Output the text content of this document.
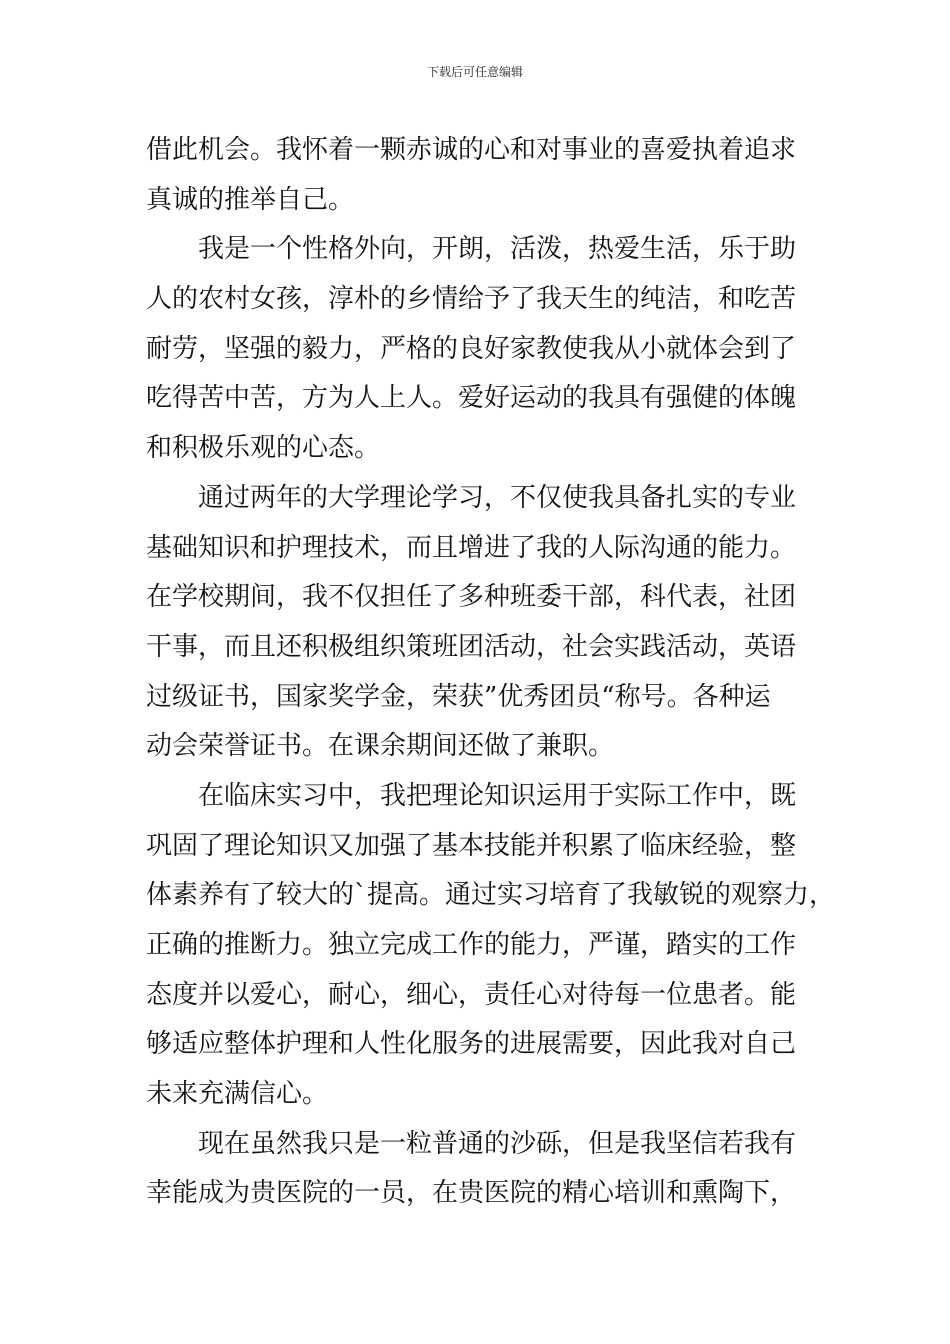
下载后可任意编辑
借此机会。我怀着一颗赤诚的心和对事业的喜爱执着追求
真诚的推举自己。
我是一个性格外向，开朗，活泼，热爱生活，乐于助
人的农村女孩，淳朴的乡情给予了我天生的纯洁，和吃苦
耐劳，坚强的毅力，严格的良好家教使我从小就体会到了
吃得苦中苦，方为人上人。爱好运动的我具有强健的体魄
和积极乐观的心态。
通过两年的大学理论学习，不仅使我具备扎实的专业
基础知识和护理技术，而且增进了我的人际沟通的能力。
在学校期间，我不仅担任了多种班委干部，科代表，社团
干事，而且还积极组织策班团活动，社会实践活动，英语
过级证书，国家奖学金，荣获”优秀团员“称号。各种运
动会荣誉证书。在课余期间还做了兼职。
在临床实习中，我把理论知识运用于实际工作中，既
巩固了理论知识又加强了基本技能并积累了临床经验，整
体素养有了较大的`提高。通过实习培育了我敏锐的观察力，
正确的推断力。独立完成工作的能力，严谨，踏实的工作
态度并以爱心，耐心，细心，责任心对待每一位患者。能
够适应整体护理和人性化服务的进展需要，因此我对自己
未来充满信心。
现在虽然我只是一粒普通的沙砾，但是我坚信若我有
幸能成为贵医院的一员，在贵医院的精心培训和熏陶下，
